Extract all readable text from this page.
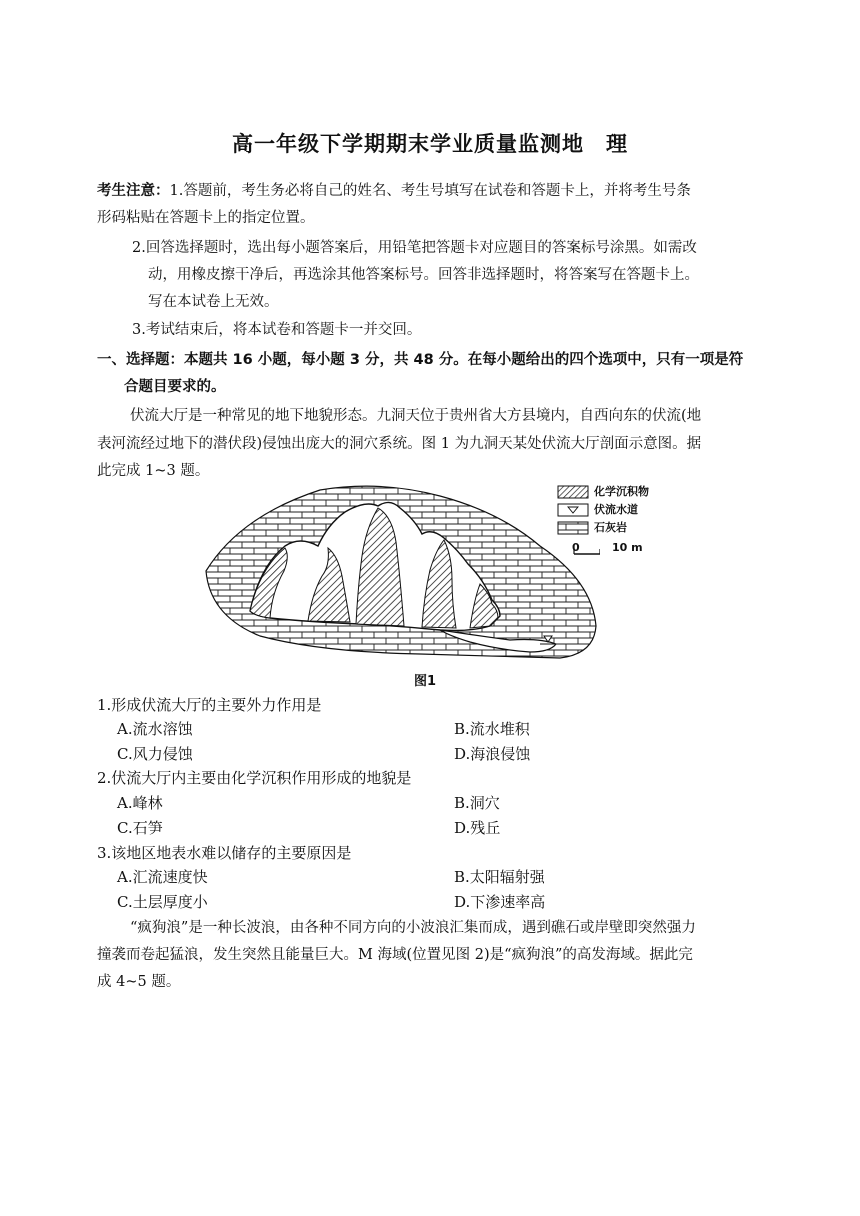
高一年级下学期期末学业质量监测地　理
考生注意：1.答题前，考生务必将自己的姓名、考生号填写在试卷和答题卡上，并将考生号条
形码粘贴在答题卡上的指定位置。
2.回答选择题时，选出每小题答案后，用铅笔把答题卡对应题目的答案标号涂黑。如需改
动，用橡皮擦干净后，再选涂其他答案标号。回答非选择题时，将答案写在答题卡上。
写在本试卷上无效。
3.考试结束后，将本试卷和答题卡一并交回。
一、选择题：本题共 16 小题，每小题 3 分，共 48 分。在每小题给出的四个选项中，只有一项是符
合题目要求的。
伏流大厅是一种常见的地下地貌形态。九洞天位于贵州省大方县境内，自西向东的伏流(地
表河流经过地下的潜伏段)侵蚀出庞大的洞穴系统。图 1 为九洞天某处伏流大厅剖面示意图。据
此完成 1~3 题。
化学沉积物
伏流水道
石灰岩
0	10 m
图1
1.形成伏流大厅的主要外力作用是
A.流水溶蚀	B.流水堆积
C.风力侵蚀	D.海浪侵蚀
2.伏流大厅内主要由化学沉积作用形成的地貌是
A.峰林	B.洞穴
C.石笋	D.残丘
3.该地区地表水难以储存的主要原因是
A.汇流速度快	B.太阳辐射强
C.土层厚度小	D.下渗速率高
“疯狗浪”是一种长波浪，由各种不同方向的小波浪汇集而成，遇到礁石或岸壁即突然强力
撞袭而卷起猛浪，发生突然且能量巨大。M 海域(位置见图 2)是“疯狗浪”的高发海域。据此完
成 4~5 题。
